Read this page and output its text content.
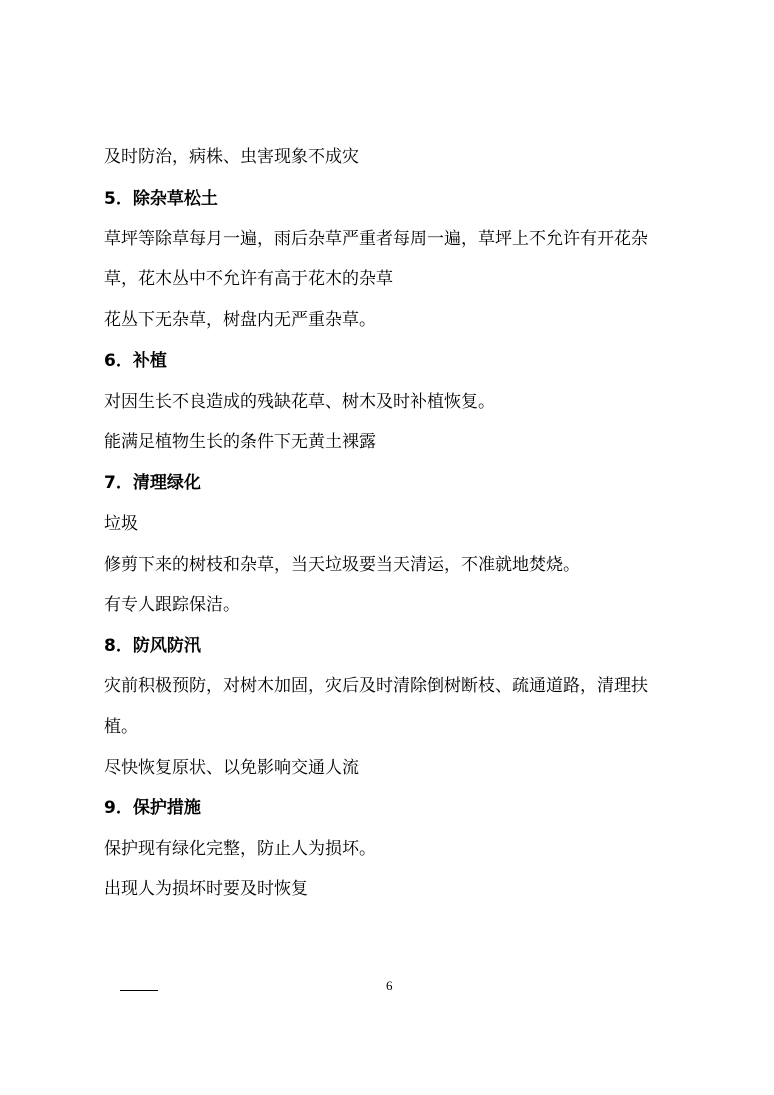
及时防治，病株、虫害现象不成灾
5．除杂草松土
草坪等除草每月一遍，雨后杂草严重者每周一遍，草坪上不允许有开花杂
草，花木丛中不允许有高于花木的杂草
花丛下无杂草，树盘内无严重杂草。
6．补植
对因生长不良造成的残缺花草、树木及时补植恢复。
能满足植物生长的条件下无黄土裸露
7．清理绿化
垃圾
修剪下来的树枝和杂草，当天垃圾要当天清运，不准就地焚烧。
有专人跟踪保洁。
8．防风防汛
灾前积极预防，对树木加固，灾后及时清除倒树断枝、疏通道路，清理扶
植。
尽快恢复原状、以免影响交通人流
9．保护措施
保护现有绿化完整，防止人为损坏。
出现人为损坏时要及时恢复
6
